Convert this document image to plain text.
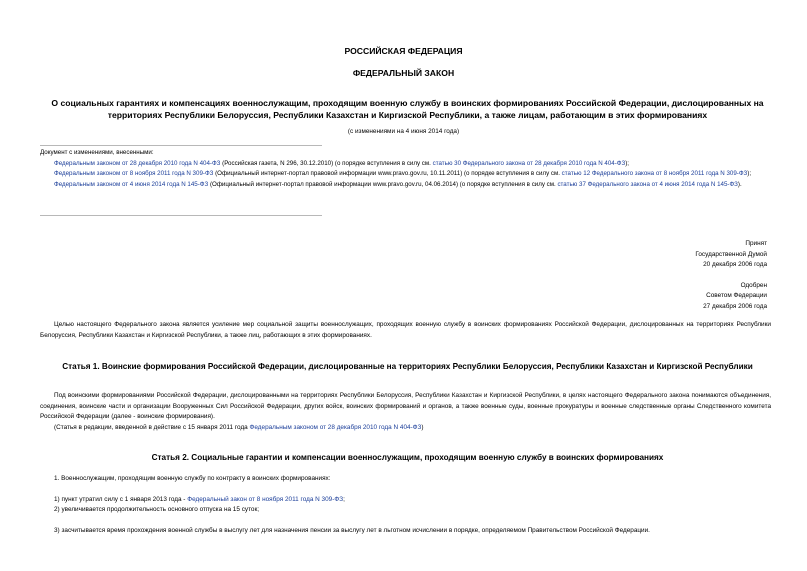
РОССИЙСКАЯ ФЕДЕРАЦИЯ
ФЕДЕРАЛЬНЫЙ ЗАКОН
О социальных гарантиях и компенсациях военнослужащим, проходящим военную службу в воинских формированиях Российской Федерации, дислоцированных на территориях Республики Белоруссия, Республики Казахстан и Киргизской Республики, а также лицам, работающим в этих формированиях
(с изменениями на 4 июня 2014 года)

Документ с изменениями, внесенными:

Федеральным законом от 28 декабря 2010 года N 404-ФЗ (Российская газета, N 296, 30.12.2010) (о порядке вступления в силу см. статью 30 Федерального закона от 28 декабря 2010 года N 404-ФЗ);

Федеральным законом от 8 ноября 2011 года N 309-ФЗ (Официальный интернет-портал правовой информации www.pravo.gov.ru, 10.11.2011) (о порядке вступления в силу см. статью 12 Федерального закона от 8 ноября 2011 года N 309-ФЗ);

Федеральным законом от 4 июня 2014 года N 145-ФЗ (Официальный интернет-портал правовой информации www.pravo.gov.ru, 04.06.2014) (о порядке вступления в силу см. статью 37 Федерального закона от 4 июня 2014 года N 145-ФЗ).

Принят

Государственной Думой

20 декабря 2006 года

Одобрен

Советом Федерации

27 декабря 2006 года

Целью настоящего Федерального закона является усиление мер социальной защиты военнослужащих, проходящих военную службу в воинских формированиях Российской Федерации, дислоцированных на территориях Республики Белоруссия, Республики Казахстан и Киргизской Республики, а также лиц, работающих в этих формированиях.

Статья 1. Воинские формирования Российской Федерации, дислоцированные на территориях Республики Белоруссия, Республики Казахстан и Киргизской Республики

Под воинскими формированиями Российской Федерации, дислоцированными на территориях Республики Белоруссия, Республики Казахстан и Киргизской Республики, в целях настоящего Федерального закона понимаются объединения, соединения, воинские части и организации Вооруженных Сил Российской Федерации, других войск, воинских формирований и органов, а также военные суды, военные прокуратуры и военные следственные органы Следственного комитета Российской Федерации (далее - воинские формирования).

(Статья в редакции, введенной в действие с 15 января 2011 года Федеральным законом от 28 декабря 2010 года N 404-ФЗ)

Статья 2. Социальные гарантии и компенсации военнослужащим, проходящим военную службу в воинских формированиях

1. Военнослужащим, проходящим военную службу по контракту в воинских формированиях:

1) пункт утратил силу с 1 января 2013 года - Федеральный закон от 8 ноября 2011 года N 309-ФЗ;

2) увеличивается продолжительность основного отпуска на 15 суток;

3) засчитывается время прохождения военной службы в выслугу лет для назначения пенсии за выслугу лет в льготном исчислении в порядке, определяемом Правительством Российской Федерации.
